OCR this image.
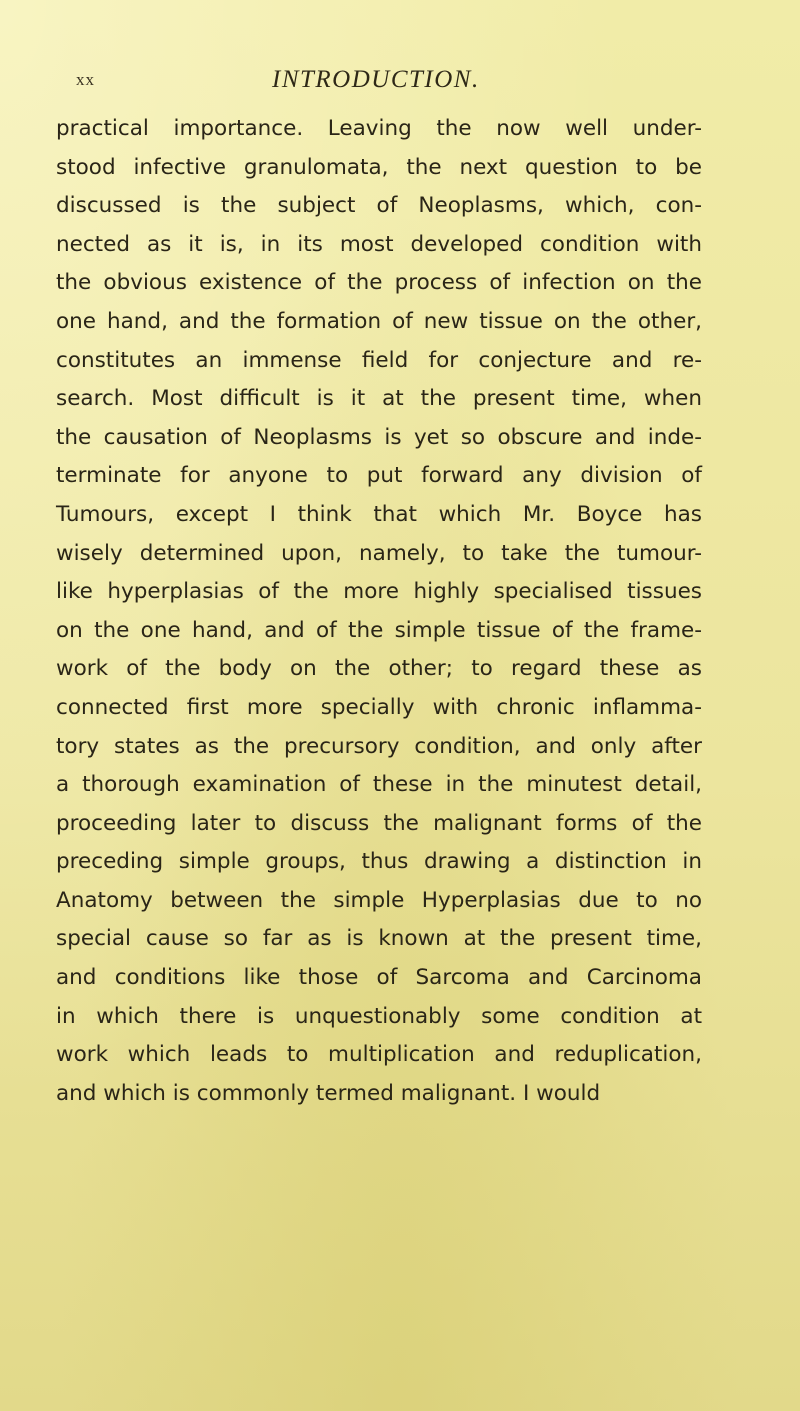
xx	INTRODUCTION.
practical importance. Leaving the now well under-
stood infective granulomata, the next question to be
discussed is the subject of Neoplasms, which, con-
nected as it is, in its most developed condition with
the obvious existence of the process of infection on the
one hand, and the formation of new tissue on the other,
constitutes an immense field for conjecture and re-
search. Most difficult is it at the present time, when
the causation of Neoplasms is yet so obscure and inde-
terminate for anyone to put forward any division of
Tumours, except I think that which Mr. Boyce has
wisely determined upon, namely, to take the tumour-
like hyperplasias of the more highly specialised tissues
on the one hand, and of the simple tissue of the frame-
work of the body on the other; to regard these as
connected first more specially with chronic inflamma-
tory states as the precursory condition, and only after
a thorough examination of these in the minutest detail,
proceeding later to discuss the malignant forms of the
preceding simple groups, thus drawing a distinction in
Anatomy between the simple Hyperplasias due to no
special cause so far as is known at the present time,
and conditions like those of Sarcoma and Carcinoma
in which there is unquestionably some condition at
work which leads to multiplication and reduplication,
and which is commonly termed malignant. I would
